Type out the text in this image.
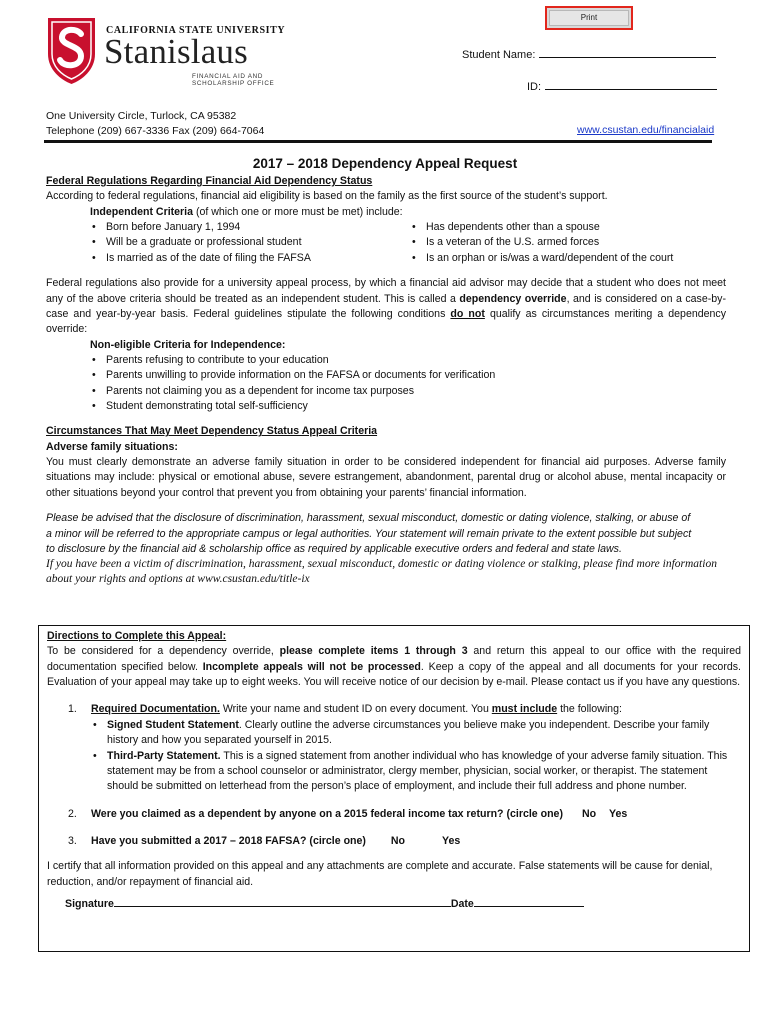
Print
CALIFORNIA STATE UNIVERSITY
Stanislaus
FINANCIAL AID AND
SCHOLARSHIP OFFICE
Student Name:
ID:
One University Circle, Turlock, CA 95382
Telephone (209) 667-3336 Fax (209) 664-7064	www.csustan.edu/financialaid
2017 – 2018 Dependency Appeal Request
Federal Regulations Regarding Financial Aid Dependency Status
According to federal regulations, financial aid eligibility is based on the family as the first source of the student’s support.
Independent Criteria (of which one or more must be met) include:
• Born before January 1, 1994
• Will be a graduate or professional student
• Is married as of the date of filing the FAFSA
• Has dependents other than a spouse
• Is a veteran of the U.S. armed forces
• Is an orphan or is/was a ward/dependent of the court

Federal regulations also provide for a university appeal process, by which a financial aid advisor may decide that a student who does not meet any of the above criteria should be treated as an independent student. This is called a dependency override, and is considered on a case-by-case and year-by-year basis. Federal guidelines stipulate the following conditions do not qualify as circumstances meriting a dependency override:

Non-eligible Criteria for Independence:
• Parents refusing to contribute to your education
• Parents unwilling to provide information on the FAFSA or documents for verification
• Parents not claiming you as a dependent for income tax purposes
• Student demonstrating total self-sufficiency
Circumstances That May Meet Dependency Status Appeal Criteria
Adverse family situations:

You must clearly demonstrate an adverse family situation in order to be considered independent for financial aid purposes. Adverse family situations may include: physical or emotional abuse, severe estrangement, abandonment, parental drug or alcohol abuse, mental incapacity or other situations beyond your control that prevent you from obtaining your parents’ financial information.

Please be advised that the disclosure of discrimination, harassment, sexual misconduct, domestic or dating violence, stalking, or abuse of a minor will be referred to the appropriate campus or legal authorities. Your statement will remain private to the extent possible but subject to disclosure by the financial aid & scholarship office as required by applicable executive orders and federal and state laws.

If you have been a victim of discrimination, harassment, sexual misconduct, domestic or dating violence or stalking, please find more information about your rights and options at www.csustan.edu/title-ix

Directions to Complete this Appeal:

To be considered for a dependency override, please complete items 1 through 3 and return this appeal to our office with the required documentation specified below. Incomplete appeals will not be processed. Keep a copy of the appeal and all documents for your records. Evaluation of your appeal may take up to eight weeks. You will receive notice of our decision by e-mail. Please contact us if you have any questions.

1. Required Documentation. Write your name and student ID on every document. You must include the following:
• Signed Student Statement. Clearly outline the adverse circumstances you believe make you independent. Describe your family history and how you separated yourself in 2015.
• Third-Party Statement. This is a signed statement from another individual who has knowledge of your adverse family situation. This statement may be from a school counselor or administrator, clergy member, physician, social worker, or therapist. The statement should be submitted on letterhead from the person’s place of employment, and include their full address and phone number.
2. Were you claimed as a dependent by anyone on a 2015 federal income tax return? (circle one) No Yes
3. Have you submitted a 2017 – 2018 FAFSA? (circle one) No	Yes

I certify that all information provided on this appeal and any attachments are complete and accurate. False statements will be cause for denial, reduction, and/or repayment of financial aid.

Signature	Date
